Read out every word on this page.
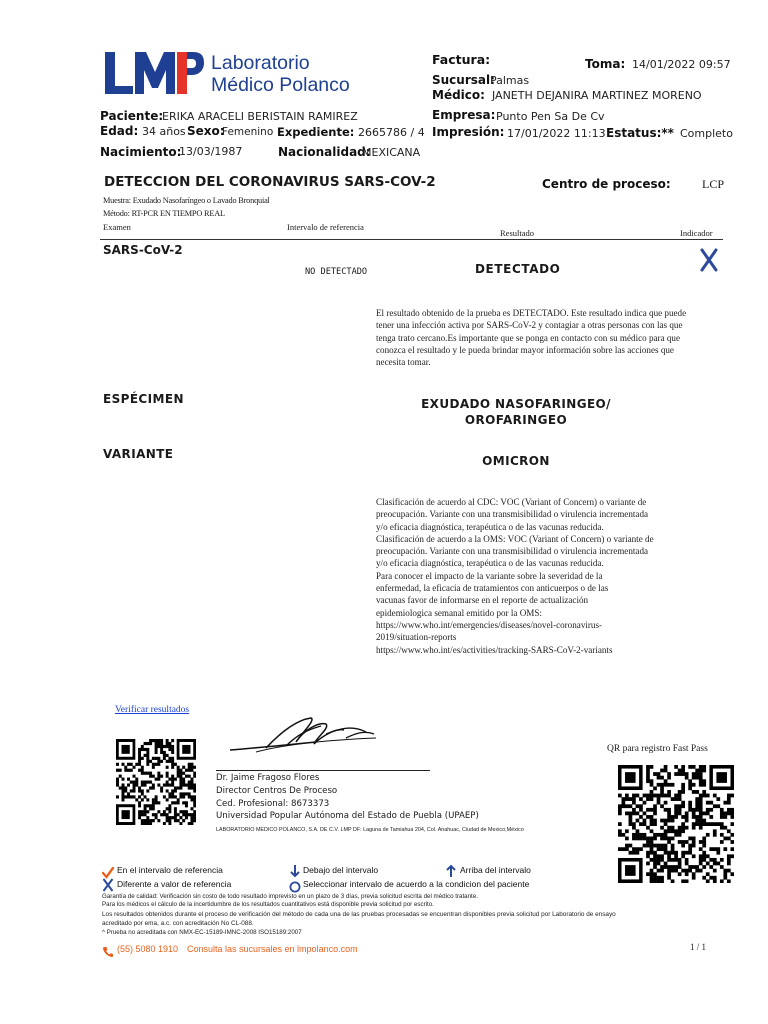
Laboratorio
Médico Polanco
Factura:	Toma: 14/01/2022 09:57
Sucursal:
Palmas
Médico: JANETH DEJANIRA MARTINEZ MORENO
Paciente:
ERIKA ARACELI BERISTAIN RAMIREZ	Empresa: Punto Pen Sa De Cv
Edad: 34 años Sexo:
Femenino Expediente: 2665786 / 4 Impresión: 17/01/2022 11:13 Estatus:** Completo
Nacimiento:
13/03/1987	Nacionalidad:
MEXICANA
DETECCION DEL CORONAVIRUS SARS-COV-2	Centro de proceso:	LCP
Muestra: Exudado Nasofaríngeo o Lavado Bronquial
Método: RT-PCR EN TIEMPO REAL
Examen	Intervalo de referencia
Resultado	Indicador
SARS-CoV-2
NO DETECTADO	DETECTADO
El resultado obtenido de la prueba es DETECTADO. Este resultado indica que puede tener una infección activa por SARS-CoV-2 y contagiar a otras personas con las que tenga trato cercano.Es importante que se ponga en contacto con su médico para que conozca el resultado y le pueda brindar mayor información sobre las acciones que necesita tomar.
ESPÉCIMEN	EXUDADO NASOFARINGEO/
OROFARINGEO
VARIANTE	OMICRON
Clasificación de acuerdo al CDC: VOC (Variant of Concern) o variante de
preocupación. Variante con una transmisibilidad o virulencia incrementada
y/o eficacia diagnóstica, terapéutica o de las vacunas reducida.
Clasificación de acuerdo a la OMS: VOC (Variant of Concern) o variante de
preocupación. Variante con una transmisibilidad o virulencia incrementada
y/o eficacia diagnóstica, terapéutica o de las vacunas reducida.
Para conocer el impacto de la variante sobre la severidad de la
enfermedad, la eficacia de tratamientos con anticuerpos o de las
vacunas favor de informarse en el reporte de actualización
epidemiologica semanal emitido por la OMS:
https://www.who.int/emergencies/diseases/novel-coronavirus-
2019/situation-reports
https://www.who.int/es/activities/tracking-SARS-CoV-2-variants
Verificar resultados
QR para registro Fast Pass
Dr. Jaime Fragoso Flores
Director Centros De Proceso
Ced. Profesional: 8673373
Universidad Popular Autónoma del Estado de Puebla (UPAEP)
LABORATORIO MEDICO POLANCO, S.A. DE C.V. LMP DF: Laguna de Tamiahua 204, Col. Anahuac, Ciudad de Mexico,México
En el intervalo de referencia	Debajo del intervalo	Arriba del intervalo
Diferente a valor de referencia	Seleccionar intervalo de acuerdo a la condicion del paciente
Garantía de calidad: Verificación sin costo de todo resultado imprevisto en un plazo de 3 días, previa solicitud escrita del médico tratante.
Para los médicos el cálculo de la incertidumbre de los resultados cuantitativos está disponible previa solicitud por escrito.
Los resultados obtenidos durante el proceso de verificación del método de cada una de las pruebas procesadas se encuentran disponibles previa solicitud por Laboratorio de ensayo
acreditado por ema, a.c. con acreditación No CL-088.
^ Prueba no acreditada con NMX-EC-15189-IMNC-2008 ISO15189:2007
(55) 5080 1910 Consulta las sucursales en lmpolanco.com	1 / 1
